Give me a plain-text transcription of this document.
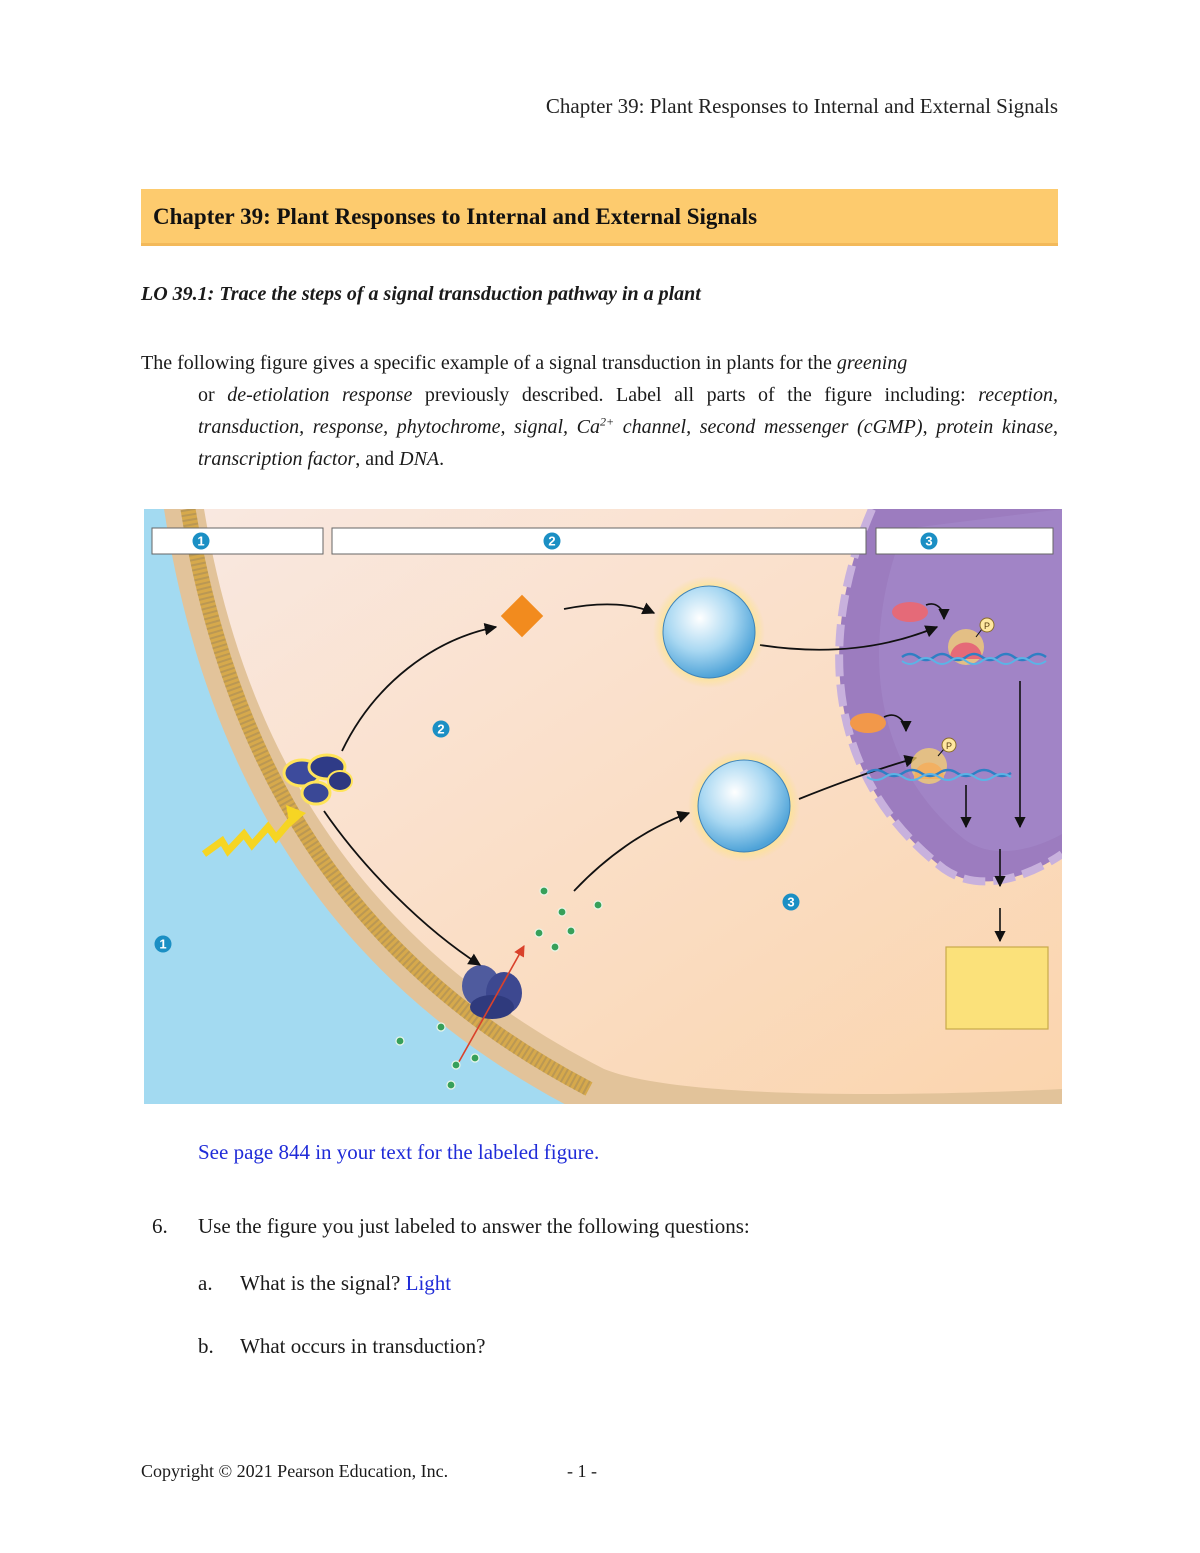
Chapter 39: Plant Responses to Internal and External Signals
Chapter 39: Plant Responses to Internal and External Signals
LO 39.1: Trace the steps of a signal transduction pathway in a plant
The following figure gives a specific example of a signal transduction in plants for the greening
or de-etiolation response previously described. Label all parts of the figure including: reception, transduction, response, phytochrome, signal, $Ca^{2+}$ channel, second messenger (cGMP), protein kinase, transcription factor, and DNA.
1	2	3
1
2
3
P
P
See page 844 in your text for the labeled figure.
6. Use the figure you just labeled to answer the following questions:
a. What is the signal? Light
b. What occurs in transduction?
Copyright © 2021 Pearson Education, Inc.	- 1 -
